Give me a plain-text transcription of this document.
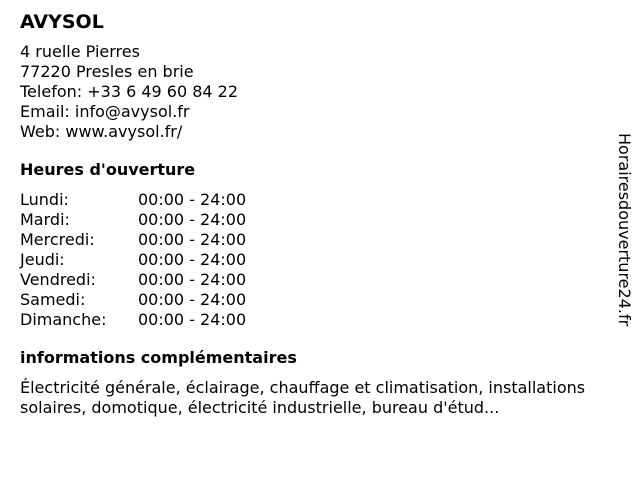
AVYSOL
4 ruelle Pierres
77220 Presles en brie
Telefon: +33 6 49 60 84 22
Email: info@avysol.fr
Web: www.avysol.fr/
Heures d'ouverture
Lundi:	00:00 - 24:00
Mardi:	00:00 - 24:00
Mercredi:	00:00 - 24:00
Jeudi:	00:00 - 24:00
Vendredi:	00:00 - 24:00
Samedi:	00:00 - 24:00
Dimanche:	00:00 - 24:00
informations complémentaires
Électricité générale, éclairage, chauffage et climatisation, installations solaires, domotique, électricité industrielle, bureau d'étud...
Horairesdouverture24.fr
